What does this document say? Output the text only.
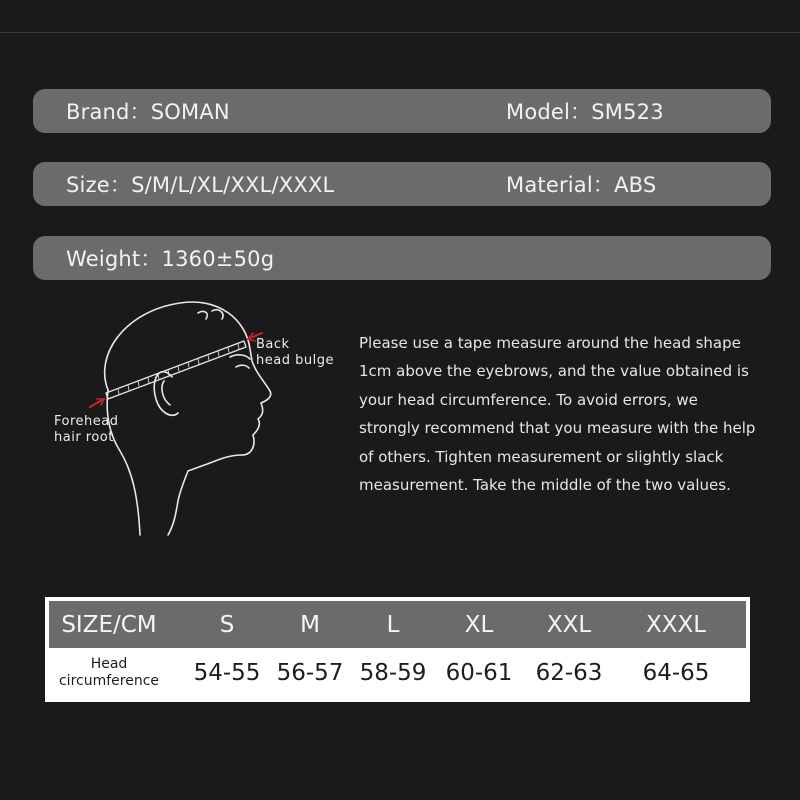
Brand：SOMAN	Model：SM523
Size：S/M/L/XL/XXL/XXXL	Material：ABS
Weight：1360±50g
Back
head bulge
Forehead
hair root
Please use a tape measure around the head shape 1cm above the eyebrows, and the value obtained is your head circumference. To avoid errors, we strongly recommend that you measure with the help of others. Tighten measurement or slightly slack measurement. Take the middle of the two values.
SIZE/CM	S	M	L	XL	XXL	XXXL
Head
circumference	54-55 56-57 58-59 60-61	62-63	64-65
